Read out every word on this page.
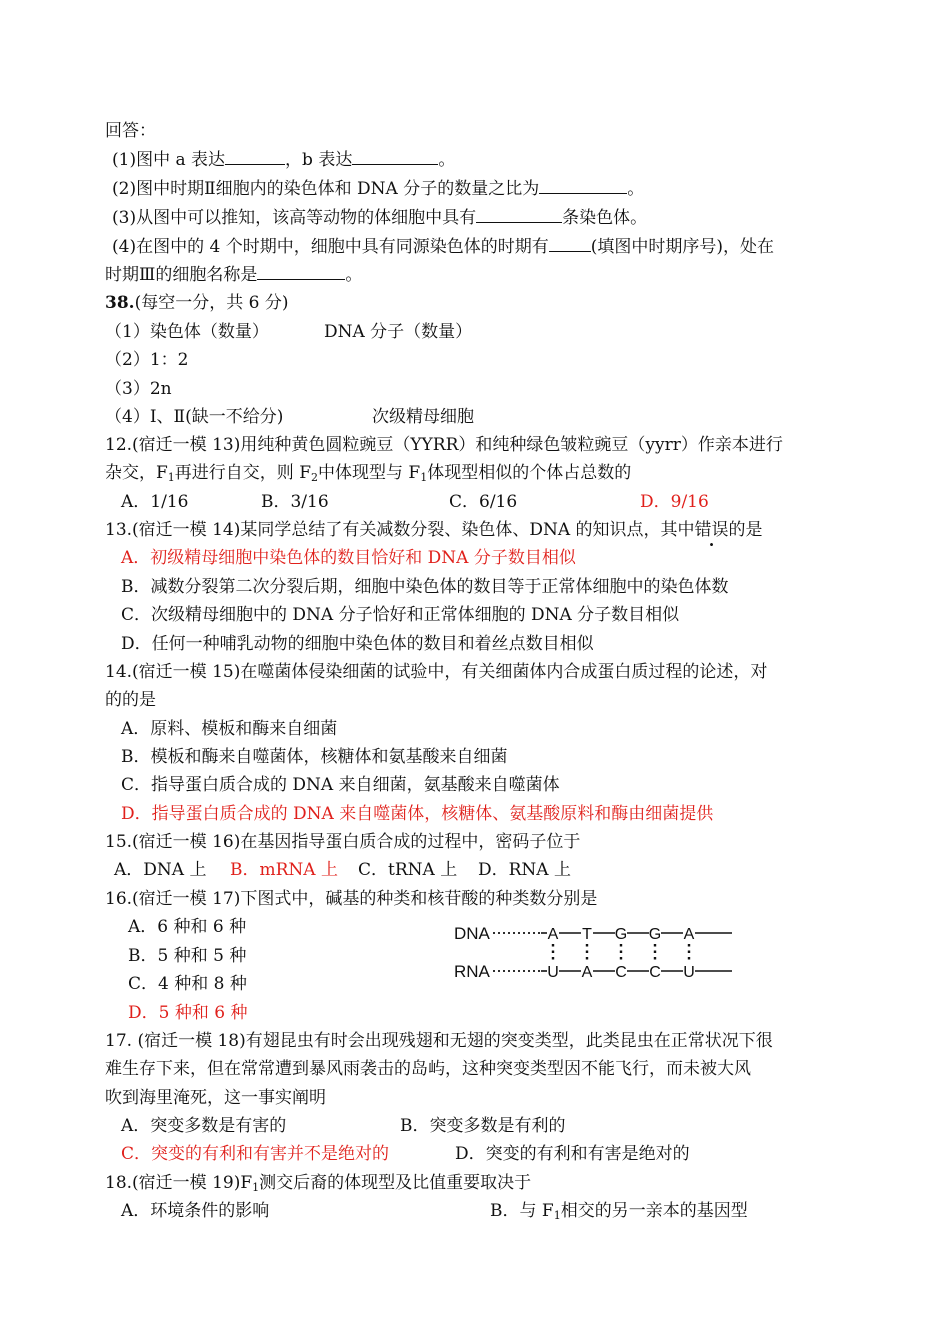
回答：
(1)图中 a 表达	，b 表达	。
(2)图中时期Ⅱ细胞内的染色体和 DNA 分子的数量之比为	。
(3)从图中可以推知，该高等动物的体细胞中具有	条染色体。
(4)在图中的 4 个时期中，细胞中具有同源染色体的时期有 (填图中时期序号)，处在
时期Ⅲ的细胞名称是	。
38.(每空一分，共 6 分)
（1）染色体（数量）	DNA 分子（数量）
（2）1：2
（3）2n
（4）Ⅰ、Ⅱ(缺一不给分)	次级精母细胞
12.(宿迁一模 13)用纯种黄色圆粒豌豆（YYRR）和纯种绿色皱粒豌豆（yyrr）作亲本进行
杂交，$F_1$再进行自交，则 $F_2$中体现型与 $F_1$体现型相似的个体占总数的
A．1/16	B．3/16	C．6/16	D．9/16
13.(宿迁一模 14)某同学总结了有关减数分裂、染色体、DNA 的知识点，其中错误的是
A．初级精母细胞中染色体的数目恰好和 DNA 分子数目相似
B．减数分裂第二次分裂后期，细胞中染色体的数目等于正常体细胞中的染色体数
C．次级精母细胞中的 DNA 分子恰好和正常体细胞的 DNA 分子数目相似
D．任何一种哺乳动物的细胞中染色体的数目和着丝点数目相似
14.(宿迁一模 15)在噬菌体侵染细菌的试验中，有关细菌体内合成蛋白质过程的论述，对
的的是
A．原料、模板和酶来自细菌
B．模板和酶来自噬菌体，核糖体和氨基酸来自细菌
C．指导蛋白质合成的 DNA 来自细菌，氨基酸来自噬菌体
D．指导蛋白质合成的 DNA 来自噬菌体，核糖体、氨基酸原料和酶由细菌提供
15.(宿迁一模 16)在基因指导蛋白质合成的过程中，密码子位于
A．DNA 上 B．mRNA 上 C．tRNA 上 D．RNA 上
16.(宿迁一模 17)下图式中，碱基的种类和核苷酸的种类数分别是
A．6 种和 6 种
B．5 种和 5 种
C．4 种和 8 种
D．5 种和 6 种
DNA
RNA
A T G G A
U A C C U
17. (宿迁一模 18)有翅昆虫有时会出现残翅和无翅的突变类型，此类昆虫在正常状况下很
难生存下来，但在常常遭到暴风雨袭击的岛屿，这种突变类型因不能飞行，而未被大风
吹到海里淹死，这一事实阐明
A．突变多数是有害的	B．突变多数是有利的
C．突变的有利和有害并不是绝对的	D．突变的有利和有害是绝对的
18.(宿迁一模 $19)F_1$测交后裔的体现型及比值重要取决于
A．环境条件的影响	B．与 $F_1$相交的另一亲本的基因型
